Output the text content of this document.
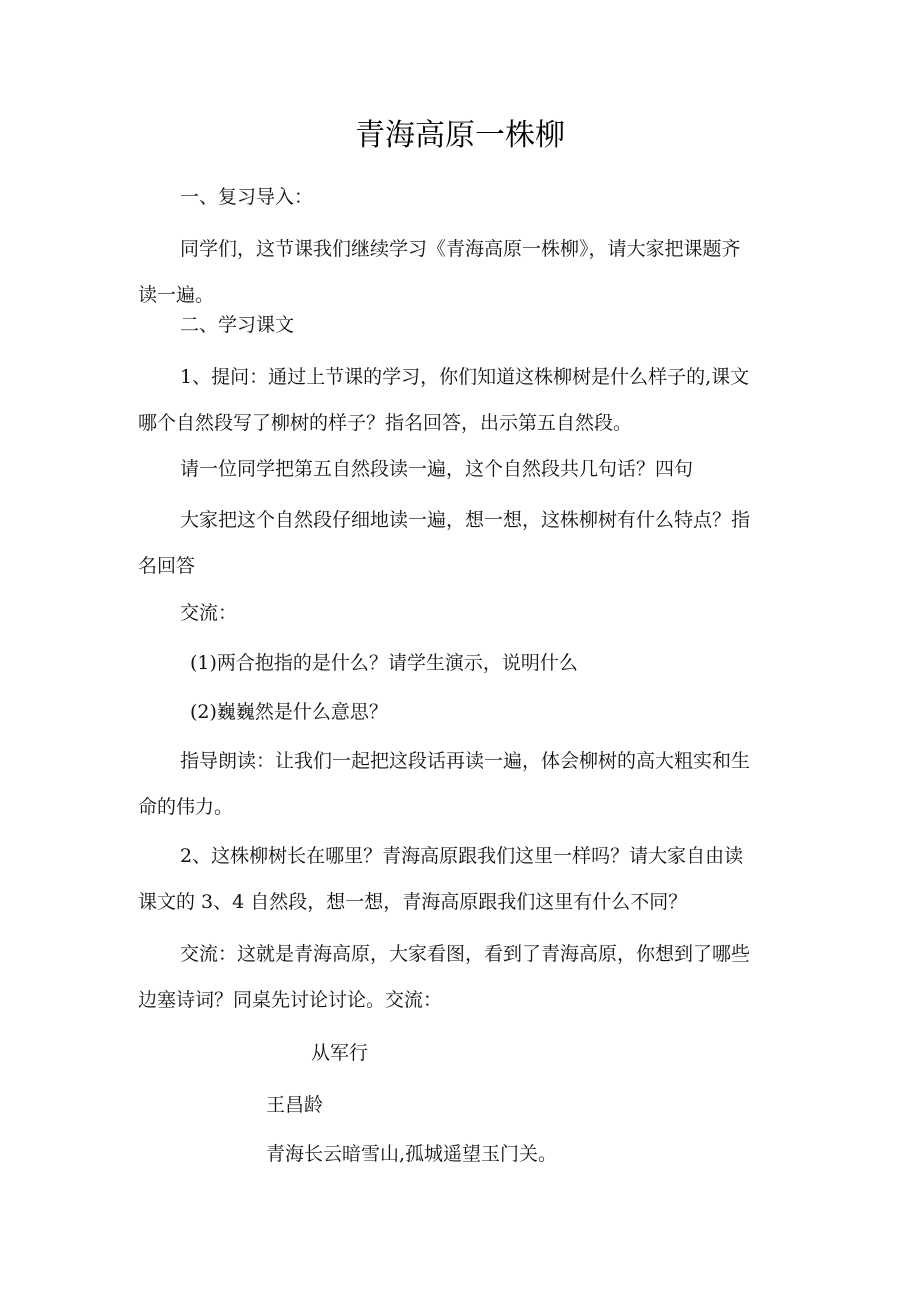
青海高原一株柳

一、复习导入：

同学们，这节课我们继续学习《青海高原一株柳》，请大家把课题齐
读一遍。

二、学习课文

1、提问：通过上节课的学习，你们知道这株柳树是什么样子的,课文
哪个自然段写了柳树的样子？指名回答，出示第五自然段。

请一位同学把第五自然段读一遍，这个自然段共几句话？四句

大家把这个自然段仔细地读一遍，想一想，这株柳树有什么特点？指
名回答

交流：

(1)两合抱指的是什么？请学生演示，说明什么

(2)巍巍然是什么意思？

指导朗读：让我们一起把这段话再读一遍，体会柳树的高大粗实和生
命的伟力。

2、这株柳树长在哪里？青海高原跟我们这里一样吗？请大家自由读
课文的 3、4 自然段，想一想，青海高原跟我们这里有什么不同？

交流：这就是青海高原，大家看图，看到了青海高原，你想到了哪些
边塞诗词？同桌先讨论讨论。交流：

从军行

王昌龄

青海长云暗雪山,孤城遥望玉门关。
